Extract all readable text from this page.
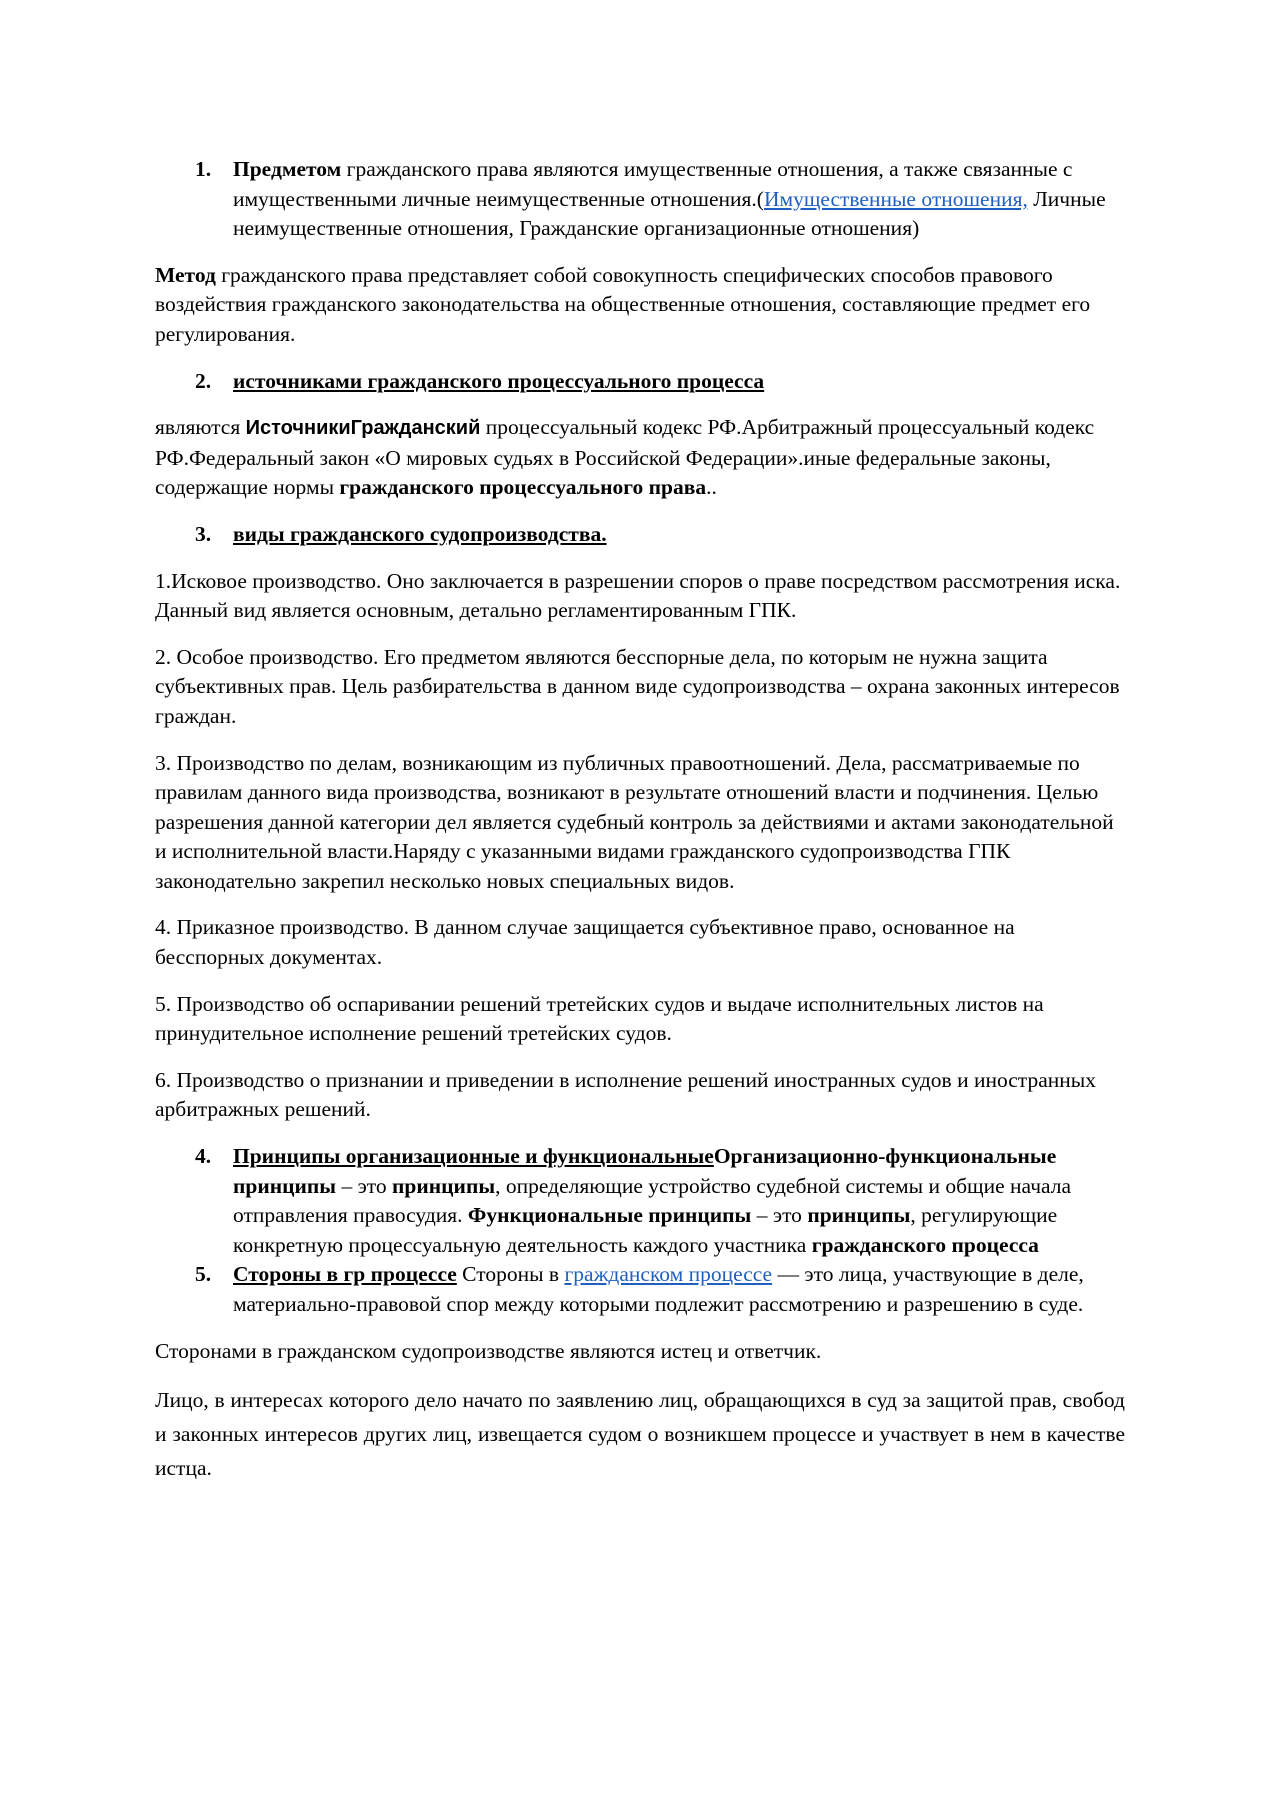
1. Предметом гражданского права являются имущественные отношения, а также связанные с имущественными личные неимущественные отношения.(Имущественные отношения, Личные неимущественные отношения, Гражданские организационные отношения)

Метод гражданского права представляет собой совокупность специфических способов правового воздействия гражданского законодательства на общественные отношения, составляющие предмет его регулирования.

2. источниками гражданского процессуального процесса

являются ИсточникиГражданский процессуальный кодекс РФ.Арбитражный процессуальный кодекс РФ.Федеральный закон «О мировых судьях в Российской Федерации».иные федеральные законы, содержащие нормы гражданского процессуального права..

3. виды гражданского судопроизводства.

1.Исковое производство. Оно заключается в разрешении споров о праве посредством рассмотрения иска. Данный вид является основным, детально регламентированным ГПК.

2. Особое производство. Его предметом являются бесспорные дела, по которым не нужна защита субъективных прав. Цель разбирательства в данном виде судопроизводства – охрана законных интересов граждан.

3. Производство по делам, возникающим из публичных правоотношений. Дела, рассматриваемые по правилам данного вида производства, возникают в результате отношений власти и подчинения. Целью разрешения данной категории дел является судебный контроль за действиями и актами законодательной и исполнительной власти.Наряду с указанными видами гражданского судопроизводства ГПК законодательно закрепил несколько новых специальных видов.

4. Приказное производство. В данном случае защищается субъективное право, основанное на бесспорных документах.

5. Производство об оспаривании решений третейских судов и выдаче исполнительных листов на принудительное исполнение решений третейских судов.

6. Производство о признании и приведении в исполнение решений иностранных судов и иностранных арбитражных решений.

4. Принципы организационные и функциональныеОрганизационно-функциональные принципы – это принципы, определяющие устройство судебной системы и общие начала отправления правосудия. Функциональные принципы – это принципы, регулирующие конкретную процессуальную деятельность каждого участника гражданского процесса
5. Стороны в гр процессе Стороны в гражданском процессе — это лица, участвующие в деле, материально-правовой спор между которыми подлежит рассмотрению и разрешению в суде.

Сторонами в гражданском судопроизводстве являются истец и ответчик.

Лицо, в интересах которого дело начато по заявлению лиц, обращающихся в суд за защитой прав, свобод и законных интересов других лиц, извещается судом о возникшем процессе и участвует в нем в качестве истца.
